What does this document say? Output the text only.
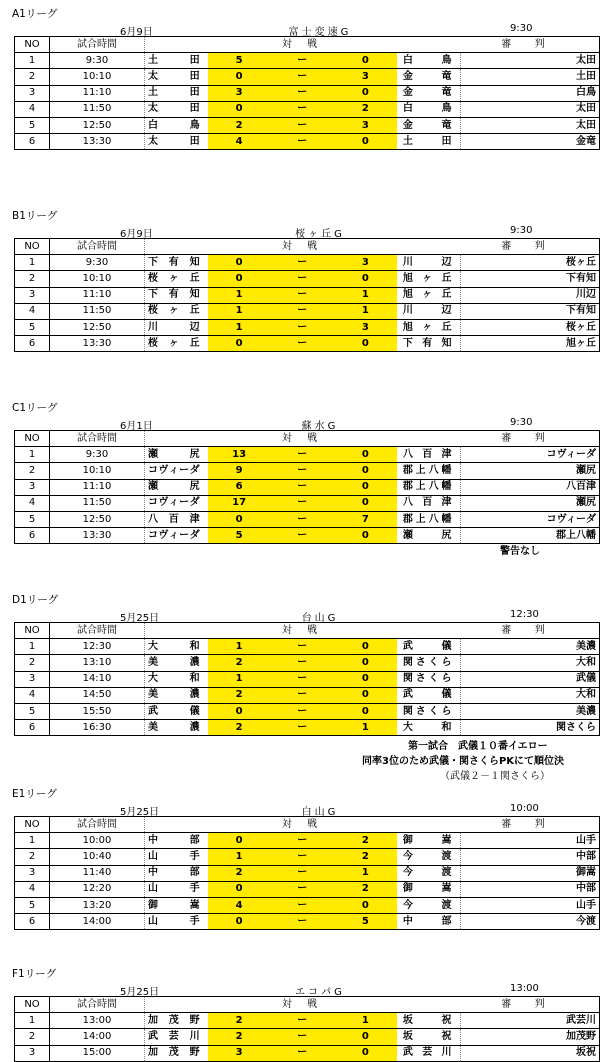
A1リーグ
6月9日	富士変速G	9:30
NO	試合時間	対 戦					審 判
1	9:30	土 田	5	ー	0	白 鳥	太田
2	10:10	太 田	0	ー	3	金 竜	土田
3	11:10	土 田	3	ー	0	金 竜	白鳥
4	11:50	太 田	0	ー	2	白 鳥	太田
5	12:50	白 鳥	2	ー	3	金 竜	太田
6	13:30	太 田	4	ー	0	土 田	金竜
B1リーグ
6月9日	桜ヶ丘G	9:30
NO	試合時間	対 戦					審 判
1	9:30	下 有 知	0	ー	3	川 辺	桜ヶ丘
2	10:10	桜 ヶ 丘	0	ー	0	旭 ヶ 丘	下有知
3	11:10	下 有 知	1	ー	1	旭 ヶ 丘	川辺
4	11:50	桜 ヶ 丘	1	ー	1	川 辺	下有知
5	12:50	川 辺	1	ー	3	旭 ヶ 丘	桜ヶ丘
6	13:30	桜 ヶ 丘	0	ー	0	下 有 知	旭ヶ丘
C1リーグ
6月1日	蘇水G	9:30
NO	試合時間	対 戦					審 判
1	9:30	瀬 尻	13	ー	0	八 百 津	コヴィーダ
2	10:10	コ ヴ ィ ー ダ	9	ー	0	郡 上 八 幡	瀬尻
3	11:10	瀬 尻	6	ー	0	郡 上 八 幡	八百津
4	11:50	コ ヴ ィ ー ダ	17	ー	0	八 百 津	瀬尻
5	12:50	八 百 津	0	ー	7	郡 上 八 幡	コヴィーダ
6	13:30	コ ヴ ィ ー ダ	5	ー	0	瀬 尻	郡上八幡
警告なし
D1リーグ
5月25日	台山G	12:30
NO	試合時間	対 戦					審 判
1	12:30	大 和	1	ー	0	武 儀	美濃
2	13:10	美 濃	2	ー	0	関 さ く ら	大和
3	14:10	大 和	1	ー	0	関 さ く ら	武儀
4	14:50	美 濃	2	ー	0	武 儀	大和
5	15:50	武 儀	0	ー	0	関 さ く ら	美濃
6	16:30	美 濃	2	ー	1	大 和	関さくら
第一試合　武儀１０番イエロー
同率3位のため武儀・関さくらPKにて順位決
（武儀２－１関さくら）
E1リーグ
5月25日	白山G	10:00
NO	試合時間	対 戦					審 判
1	10:00	中 部	0	ー	2	御 嵩	山手
2	10:40	山 手	1	ー	2	今 渡	中部
3	11:40	中 部	2	ー	1	今 渡	御嵩
4	12:20	山 手	0	ー	2	御 嵩	中部
5	13:20	御 嵩	4	ー	0	今 渡	山手
6	14:00	山 手	0	ー	5	中 部	今渡
F1リーグ
5月25日	エコパG	13:00
NO	試合時間	対 戦					審 判
1	13:00	加 茂 野	2	ー	1	坂 祝	武芸川
2	14:00	武 芸 川	2	ー	0	坂 祝	加茂野
3	15:00	加 茂 野	3	ー	0	武 芸 川	坂祝
